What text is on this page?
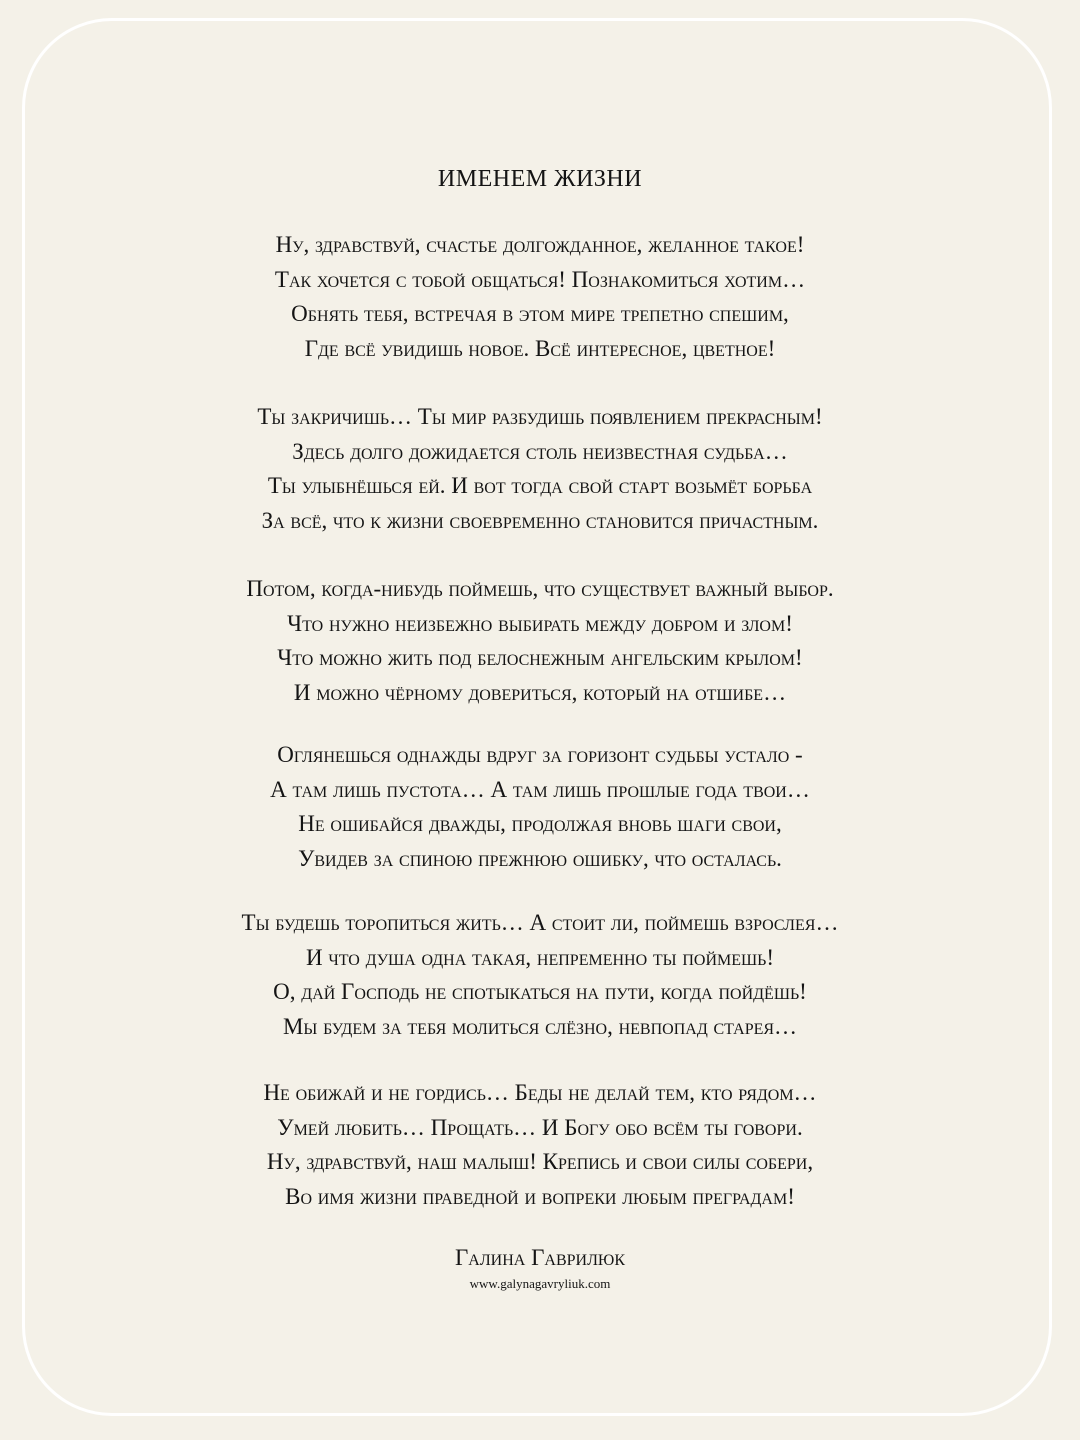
ИМЕНЕМ ЖИЗНИ
Ну, здравствуй, счастье долгожданное, желанное такое!
Так хочется с тобой общаться! Познакомиться хотим…
Обнять тебя, встречая в этом мире трепетно спешим,
Где всё увидишь новое. Всё интересное, цветное!
Ты закричишь… Ты мир разбудишь появлением прекрасным!
Здесь долго дожидается столь неизвестная судьба…
Ты улыбнёшься ей. И вот тогда свой старт возьмёт борьба
За всё, что к жизни своевременно становится причастным.
Потом, когда-нибудь поймешь, что существует важный выбор.
Что нужно неизбежно выбирать между добром и злом!
Что можно жить под белоснежным ангельским крылом!
И можно чёрному довериться, который на отшибе…
Оглянешься однажды вдруг за горизонт судьбы устало -
А там лишь пустота… А там лишь прошлые года твои…
Не ошибайся дважды, продолжая вновь шаги свои,
Увидев за спиною прежнюю ошибку, что осталась.
Ты будешь торопиться жить… А стоит ли, поймешь взрослея…
И что душа одна такая, непременно ты поймешь!
О, дай Господь не спотыкаться на пути, когда пойдёшь!
Мы будем за тебя молиться слёзно, невпопад старея…
Не обижай и не гордись… Беды не делай тем, кто рядом…
Умей любить… Прощать… И Богу обо всём ты говори.
Ну, здравствуй, наш малыш! Крепись и свои силы собери,
Во имя жизни праведной и вопреки любым преградам!
Галина Гаврилюк
www.galynagavryliuk.com
